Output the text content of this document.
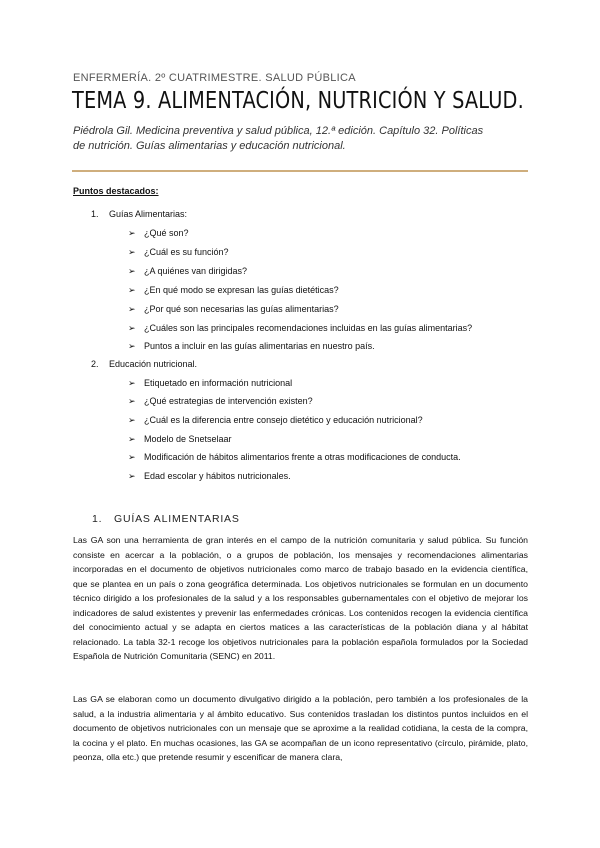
ENFERMERÍA. 2º CUATRIMESTRE. SALUD PÚBLICA
TEMA 9. ALIMENTACIÓN, NUTRICIÓN Y SALUD.
Piédrola Gil. Medicina preventiva y salud pública, 12.ª edición. Capítulo 32. Políticas de nutrición. Guías alimentarias y educación nutricional.
Puntos destacados:
1. Guías Alimentarias:
➢ ¿Qué son?
➢ ¿Cuál es su función?
➢ ¿A quiénes van dirigidas?
➢ ¿En qué modo se expresan las guías dietéticas?
➢ ¿Por qué son necesarias las guías alimentarias?
➢ ¿Cuáles son las principales recomendaciones incluidas en las guías alimentarias?
➢ Puntos a incluir en las guías alimentarias en nuestro país.
2. Educación nutricional.
➢ Etiquetado en información nutricional
➢ ¿Qué estrategias de intervención existen?
➢ ¿Cuál es la diferencia entre consejo dietético y educación nutricional?
➢ Modelo de Snetselaar
➢ Modificación de hábitos alimentarios frente a otras modificaciones de conducta.
➢ Edad escolar y hábitos nutricionales.
1. GUÍAS ALIMENTARIAS
Las GA son una herramienta de gran interés en el campo de la nutrición comunitaria y salud pública. Su función consiste en acercar a la población, o a grupos de población, los mensajes y recomendaciones alimentarias incorporadas en el documento de objetivos nutricionales como marco de trabajo basado en la evidencia científica, que se plantea en un país o zona geográfica determinada. Los objetivos nutricionales se formulan en un documento técnico dirigido a los profesionales de la salud y a los responsables gubernamentales con el objetivo de mejorar los indicadores de salud existentes y prevenir las enfermedades crónicas. Los contenidos recogen la evidencia científica del conocimiento actual y se adapta en ciertos matices a las características de la población diana y al hábitat relacionado. La tabla 32-1 recoge los objetivos nutricionales para la población española formulados por la Sociedad Española de Nutrición Comunitaria (SENC) en 2011.
Las GA se elaboran como un documento divulgativo dirigido a la población, pero también a los profesionales de la salud, a la industria alimentaria y al ámbito educativo. Sus contenidos trasladan los distintos puntos incluidos en el documento de objetivos nutricionales con un mensaje que se aproxime a la realidad cotidiana, la cesta de la compra, la cocina y el plato. En muchas ocasiones, las GA se acompañan de un icono representativo (círculo, pirámide, plato, peonza, olla etc.) que pretende resumir y escenificar de manera clara,
